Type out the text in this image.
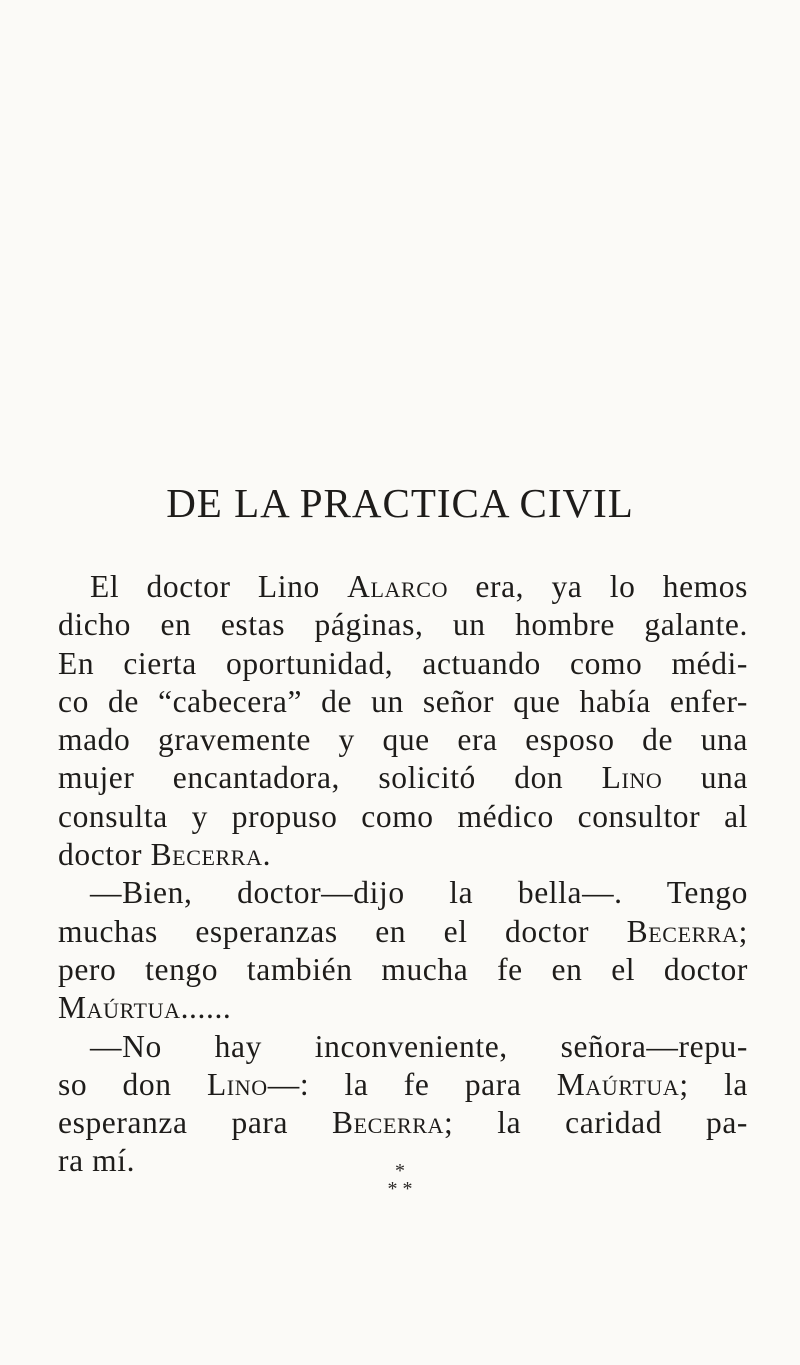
DE LA PRACTICA CIVIL
El doctor Lino Alarco era, ya lo hemos
dicho en estas páginas, un hombre galante.
En cierta oportunidad, actuando como médi-
co de “cabecera” de un señor que había enfer-
mado gravemente y que era esposo de una
mujer encantadora, solicitó don Lino una
consulta y propuso como médico consultor al
doctor Becerra.
—Bien, doctor—dijo la bella—. Tengo
muchas esperanzas en el doctor Becerra;
pero tengo también mucha fe en el doctor
Maúrtua......
—No hay inconveniente, señora—repu-
so don Lino—: la fe para Maúrtua; la
esperanza para Becerra; la caridad pa-
ra mí.	*
* *
